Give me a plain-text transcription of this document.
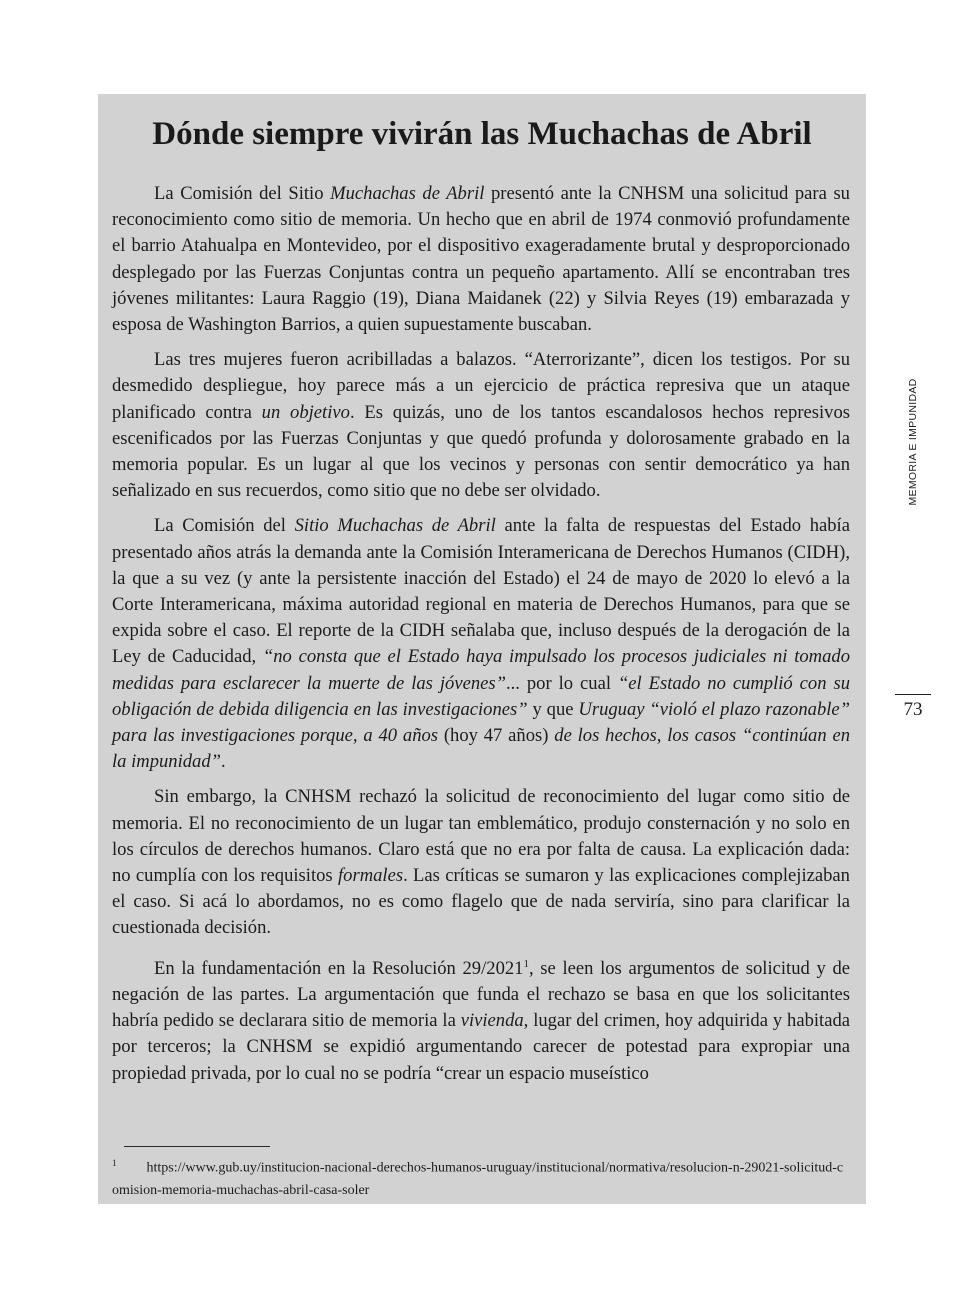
Dónde siempre vivirán las Muchachas de Abril

La Comisión del Sitio Muchachas de Abril presentó ante la CNHSM una solicitud para su reconocimiento como sitio de memoria. Un hecho que en abril de 1974 conmovió profundamente el barrio Atahualpa en Montevideo, por el dispositivo exageradamente brutal y desproporcionado desplegado por las Fuerzas Conjuntas contra un pequeño apartamento. Allí se encontraban tres jóvenes militantes: Laura Raggio (19), Diana Maidanek (22) y Silvia Reyes (19) embarazada y esposa de Washington Barrios, a quien supuestamente buscaban.

Las tres mujeres fueron acribilladas a balazos. “Aterrorizante”, dicen los testigos. Por su desmedido despliegue, hoy parece más a un ejercicio de práctica represiva que un ataque planificado contra un objetivo. Es quizás, uno de los tantos escandalosos hechos represivos escenificados por las Fuerzas Conjuntas y que quedó profunda y dolorosamente grabado en la memoria popular. Es un lugar al que los vecinos y personas con sentir democrático ya han señalizado en sus recuerdos, como sitio que no debe ser olvidado.

La Comisión del Sitio Muchachas de Abril ante la falta de respuestas del Estado había presentado años atrás la demanda ante la Comisión Interamericana de Derechos Humanos (CIDH), la que a su vez (y ante la persistente inacción del Estado) el 24 de mayo de 2020 lo elevó a la Corte Interamericana, máxima autoridad regional en materia de Derechos Humanos, para que se expida sobre el caso. El reporte de la CIDH señalaba que, incluso después de la derogación de la Ley de Caducidad, “no consta que el Estado haya impulsado los procesos judiciales ni tomado medidas para esclarecer la muerte de las jóvenes”... por lo cual “el Estado no cumplió con su obligación de debida diligencia en las investigaciones” y que Uruguay “violó el plazo razonable” para las investigaciones porque, a 40 años (hoy 47 años) de los hechos, los casos “continúan en la impunidad”.

Sin embargo, la CNHSM rechazó la solicitud de reconocimiento del lugar como sitio de memoria. El no reconocimiento de un lugar tan emblemático, produjo consternación y no solo en los círculos de derechos humanos. Claro está que no era por falta de causa. La explicación dada: no cumplía con los requisitos formales. Las críticas se sumaron y las explicaciones complejizaban el caso. Si acá lo abordamos, no es como flagelo que de nada serviría, sino para clarificar la cuestionada decisión.

En la fundamentación en la Resolución 29/2021$^1$, se leen los argumentos de solicitud y de negación de las partes. La argumentación que funda el rechazo se basa en que los solicitantes habría pedido se declarara sitio de memoria la vivienda, lugar del crimen, hoy adquirida y habitada por terceros; la CNHSM se expidió argumentando carecer de potestad para expropiar una propiedad privada, por lo cual no se podría “crear un espacio museístico

$^1$ https://www.gub.uy/institucion-nacional-derechos-humanos-uruguay/institucional/normativa/resolucion-n-29021-solicitud-comision-memoria-muchachas-abril-casa-soler
MEMORIA E IMPUNIDAD
73
